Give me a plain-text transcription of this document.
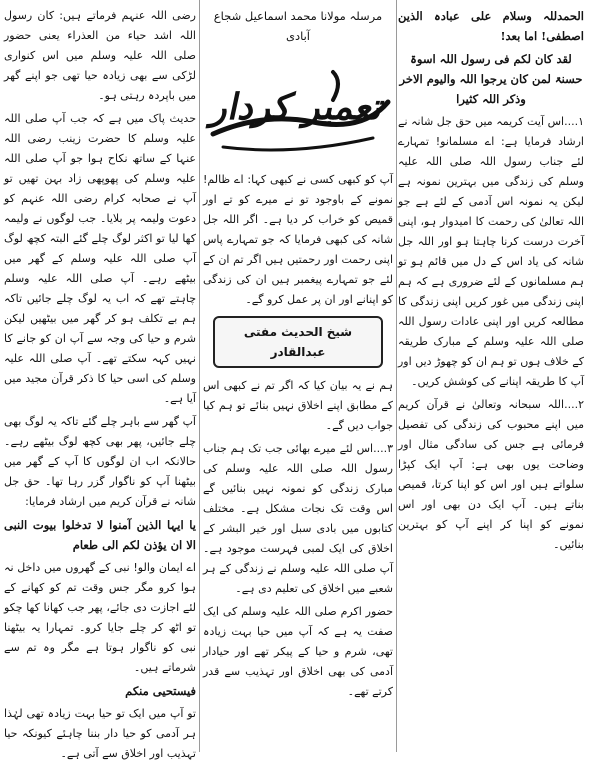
الحمدللہ وسلام علی عبادہ الذین اصطفی! اما بعد!

لقد کان لکم فی رسول اللہ اسوۃ حسنۃ لمن کان یرجوا اللہ والیوم الاخر وذکر اللہ کثیرا

۱....اس آیت کریمہ میں حق جل شانہ نے ارشاد فرمایا ہے: اے مسلمانو! تمہارے لئے جناب رسول اللہ صلی اللہ علیہ وسلم کی زندگی میں بہترین نمونہ ہے لیکن یہ نمونہ اس آدمی کے لئے ہے جو اللہ تعالیٰ کی رحمت کا امیدوار ہو، اپنی آخرت درست کرنا چاہتا ہو اور اللہ جل شانہ کی یاد اس کے دل میں قائم ہو تو ہم مسلمانوں کے لئے ضروری ہے کہ ہم اپنی زندگی میں غور کریں اپنی زندگی کا مطالعہ کریں اور اپنی عادات رسول اللہ صلی اللہ علیہ وسلم کے مبارک طریقہ کے خلاف ہوں تو ہم ان کو چھوڑ دیں اور آپ کا طریقہ اپنانے کی کوشش کریں۔

۲....اللہ سبحانہ وتعالیٰ نے قرآن کریم میں اپنے محبوب کی زندگی کی تفصیل فرمائی ہے جس کی سادگی مثال اور وضاحت یوں بھی ہے: آپ ایک کپڑا سلواتے ہیں اور اس کو اپنا کرتا، قمیص بناتے ہیں۔ آپ ایک دن بھی اور اس نمونے کو اپنا کر اپنے آپ کو بہترین بنائیں۔

مرسلہ مولانا محمد اسماعیل شجاع آبادی
تعمیر کردار

آپ کو کبھی کسی نے کبھی کہا: اے ظالم! نمونے کے باوجود تو نے میرے کو تے اور قمیص کو خراب کر دیا ہے۔ اگر اللہ جل شانہ کی کبھی فرمایا کہ جو تمہارے پاس اپنی رحمت اور رحمتیں ہیں اگر تم ان کے لئے جو تمہارے پیغمبر ہیں ان کی زندگی کو اپنانے اور ان پر عمل کرو گے۔

شیخ الحدیث مفتی عبدالقادر

ہم نے یہ بیان کیا کہ اگر تم نے کبھی اس کے مطابق اپنے اخلاق نہیں بنائے تو ہم کیا جواب دیں گے۔

۳....اس لئے میرے بھائی جب تک ہم جناب رسول اللہ صلی اللہ علیہ وسلم کی مبارک زندگی کو نمونہ نہیں بنائیں گے اس وقت تک نجات مشکل ہے۔ مختلف کتابوں میں بادی سبل اور خیر البشر کے اخلاق کی ایک لمبی فہرست موجود ہے۔ آپ صلی اللہ علیہ وسلم نے زندگی کے ہر شعبے میں اخلاق کی تعلیم دی ہے۔

حضور اکرم صلی اللہ علیہ وسلم کی ایک صفت یہ ہے کہ آپ میں حیا بہت زیادہ تھی، شرم و حیا کے پیکر تھے اور حیادار آدمی کی بھی اخلاق اور تہذیب سے قدر کرتے تھے۔

رضی اللہ عنہم فرماتے ہیں: کان رسول اللہ اشد حیاء من العذراء یعنی حضور صلی اللہ علیہ وسلم میں اس کنواری لڑکی سے بھی زیادہ حیا تھی جو اپنے گھر میں باپردہ رہتی ہو۔

حدیث پاک میں ہے کہ جب آپ صلی اللہ علیہ وسلم کا حضرت زینب رضی اللہ عنہا کے ساتھ نکاح ہوا جو آپ صلی اللہ علیہ وسلم کی پھوپھی زاد بہن تھیں تو آپ نے صحابہ کرام رضی اللہ عنہم کو دعوت ولیمہ پر بلایا۔ جب لوگوں نے ولیمہ کھا لیا تو اکثر لوگ چلے گئے البتہ کچھ لوگ آپ صلی اللہ علیہ وسلم کے گھر میں بیٹھے رہے۔ آپ صلی اللہ علیہ وسلم چاہتے تھے کہ اب یہ لوگ چلے جائیں تاکہ ہم بے تکلف ہو کر گھر میں بیٹھیں لیکن شرم و حیا کی وجہ سے آپ ان کو جانے کا نہیں کہہ سکتے تھے۔ آپ صلی اللہ علیہ وسلم کی اسی حیا کا ذکر قرآن مجید میں آیا ہے۔

آپ گھر سے باہر چلے گئے تاکہ یہ لوگ بھی چلے جائیں، پھر بھی کچھ لوگ بیٹھے رہے۔ حالانکہ اب ان لوگوں کا آپ کے گھر میں بیٹھنا آپ کو ناگوار گزر رہا تھا۔ حق جل شانہ نے قرآن کریم میں ارشاد فرمایا:

یا ایہا الذین آمنوا لا تدخلوا بیوت النبی الا ان یؤذن لکم الی طعام

اے ایمان والو! نبی کے گھروں میں داخل نہ ہوا کرو مگر جس وقت تم کو کھانے کے لئے اجازت دی جائے، پھر جب کھانا کھا چکو تو اٹھ کر چلے جایا کرو۔ تمہارا یہ بیٹھنا نبی کو ناگوار ہوتا ہے مگر وہ تم سے شرماتے ہیں۔

فیستحیی منکم

تو آپ میں ایک تو حیا بہت زیادہ تھی لہٰذا ہر آدمی کو حیا دار بننا چاہئے کیونکہ حیا تہذیب اور اخلاق سے آتی ہے۔
